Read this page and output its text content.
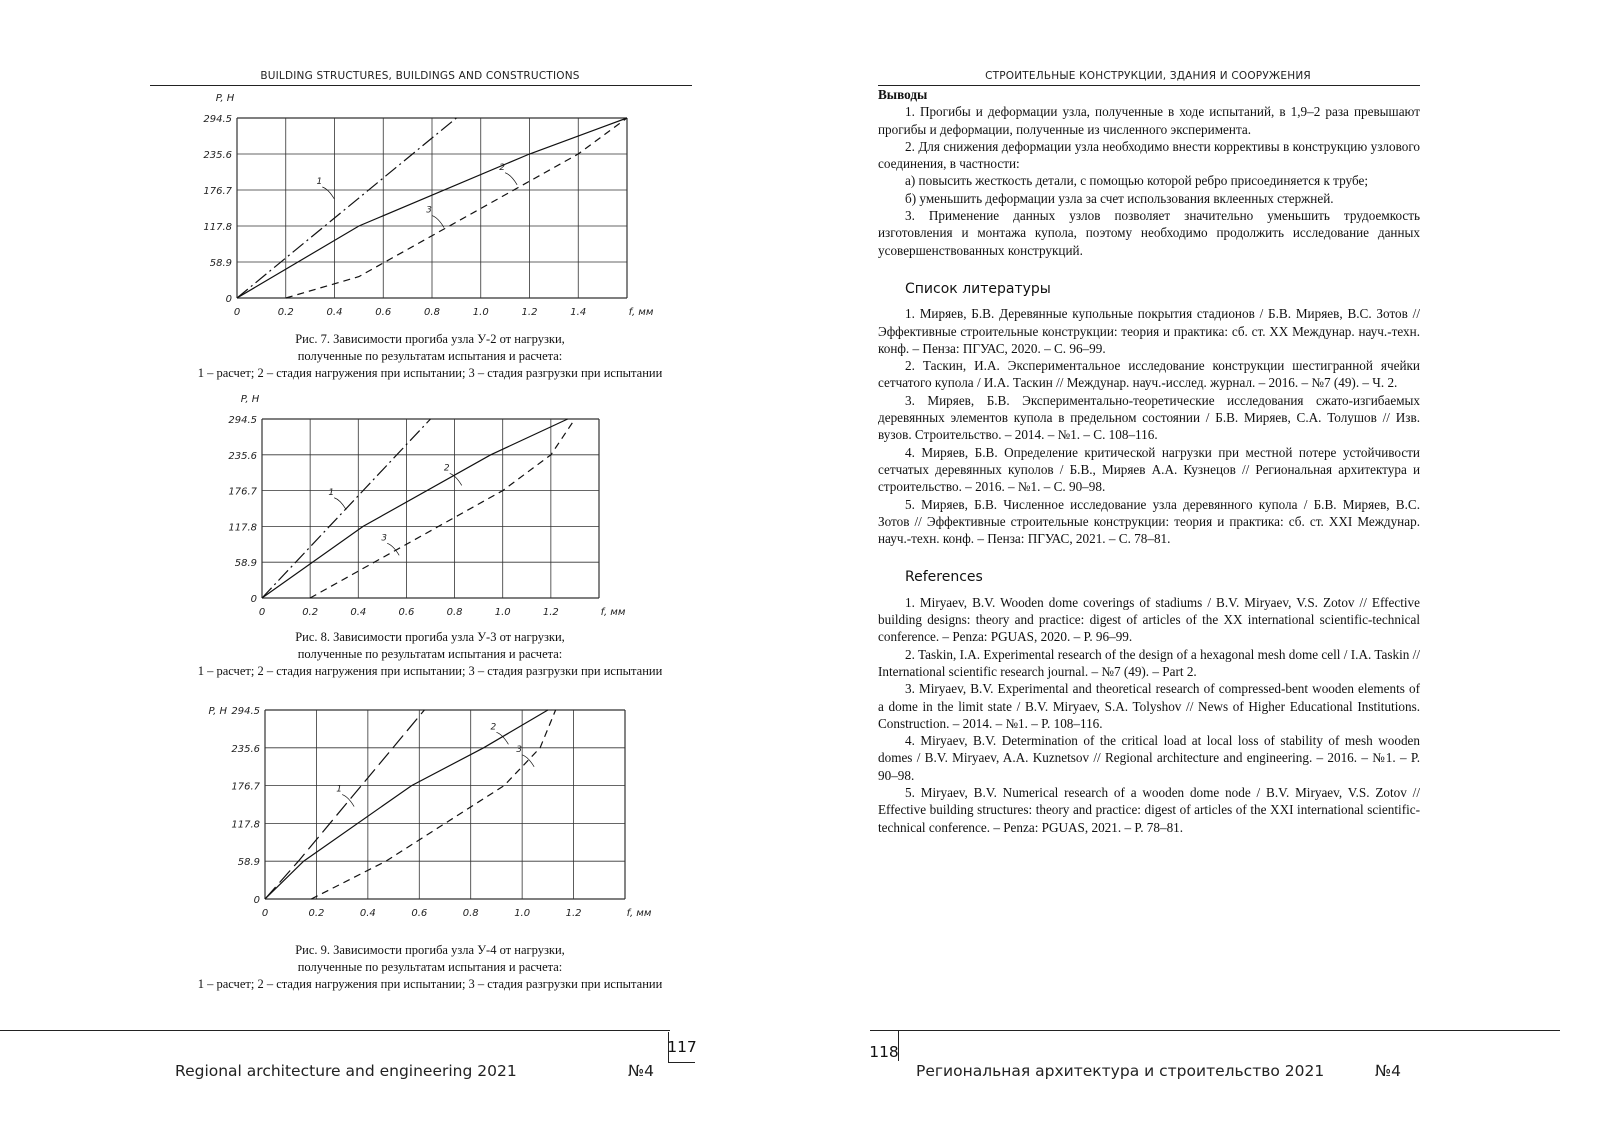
BUILDING STRUCTURES, BUILDINGS AND CONSTRUCTIONS
0
58.9
117.8
176.7
235.6
294.5
0	0.2	0.4	0.6	0.8	1.0	1.2	1.4	f, мм
P, Н
1
2
3
Рис. 7. Зависимости прогиба узла У-2 от нагрузки,
полученные по результатам испытания и расчета:
1 – расчет; 2 – стадия нагружения при испытании; 3 – стадия разгрузки при испытании
0
58.9
117.8
176.7
235.6
294.5
0	0.2	0.4	0.6	0.8	1.0	1.2	f, мм
P, Н
1
2
3
Рис. 8. Зависимости прогиба узла У-3 от нагрузки,
полученные по результатам испытания и расчета:
1 – расчет; 2 – стадия нагружения при испытании; 3 – стадия разгрузки при испытании
0
58.9
117.8
176.7
235.6
294.5
0	0.2	0.4	0.6	0.8	1.0	1.2	f, мм
P, Н
1
2
3
Рис. 9. Зависимости прогиба узла У-4 от нагрузки,
полученные по результатам испытания и расчета:
1 – расчет; 2 – стадия нагружения при испытании; 3 – стадия разгрузки при испытании
СТРОИТЕЛЬНЫЕ КОНСТРУКЦИИ, ЗДАНИЯ И СООРУЖЕНИЯ

Выводы

1. Прогибы и деформации узла, полученные в ходе испытаний, в 1,9–2 раза превышают прогибы и деформации, полученные из численного эксперимента.

2. Для снижения деформации узла необходимо внести коррективы в конструкцию узлового соединения, в частности:

а) повысить жесткость детали, с помощью которой ребро присоединяется к трубе;

б) уменьшить деформации узла за счет использования вклеенных стержней.

3. Применение данных узлов позволяет значительно уменьшить трудоемкость изготовления и монтажа купола, поэтому необходимо продолжить исследование данных усовершенствованных конструкций.

Список литературы

1. Миряев, Б.В. Деревянные купольные покрытия стадионов / Б.В. Миряев, В.С. Зотов // Эффективные строительные конструкции: теория и практика: сб. ст. XX Междунар. науч.-техн. конф. – Пенза: ПГУАС, 2020. – С. 96–99.

2. Таскин, И.А. Экспериментальное исследование конструкции шестигранной ячейки сетчатого купола / И.А. Таскин // Междунар. науч.-исслед. журнал. – 2016. – №7 (49). – Ч. 2.

3. Миряев, Б.В. Экспериментально-теоретические исследования сжато-изгибаемых деревянных элементов купола в предельном состоянии / Б.В. Миряев, С.А. Толушов // Изв. вузов. Строительство. – 2014. – №1. – С. 108–116.

4. Миряев, Б.В. Определение критической нагрузки при местной потере устойчивости сетчатых деревянных куполов / Б.В., Миряев А.А. Кузнецов // Региональная архитектура и строительство. – 2016. – №1. – С. 90–98.

5. Миряев, Б.В. Численное исследование узла деревянного купола / Б.В. Миряев, В.С. Зотов // Эффективные строительные конструкции: теория и практика: сб. ст. XXI Междунар. науч.-техн. конф. – Пенза: ПГУАС, 2021. – С. 78–81.

References

1. Miryaev, B.V. Wooden dome coverings of stadiums / B.V. Miryaev, V.S. Zotov // Effective building designs: theory and practice: digest of articles of the XX international scientific-technical conference. – Penza: PGUAS, 2020. – P. 96–99.

2. Taskin, I.A. Experimental research of the design of a hexagonal mesh dome cell / I.A. Taskin // International scientific research journal. – №7 (49). – Part 2.

3. Miryaev, B.V. Experimental and theoretical research of compressed-bent wooden elements of a dome in the limit state / B.V. Miryaev, S.A. Tolyshov // News of Higher Educational Institutions. Construction. – 2014. – №1. – P. 108–116.

4. Miryaev, B.V. Determination of the critical load at local loss of stability of mesh wooden domes / B.V. Miryaev, A.A. Kuznetsov // Regional architecture and engineering. – 2016. – №1. – P. 90–98.

5. Miryaev, B.V. Numerical research of a wooden dome node / B.V. Miryaev, V.S. Zotov // Effective building structures: theory and practice: digest of articles of the XXI international scientific-technical conference. – Penza: PGUAS, 2021. – P. 78–81.

Regional architecture and engineering 2021	№4
117	118
Региональная архитектура и строительство 2021	№4
